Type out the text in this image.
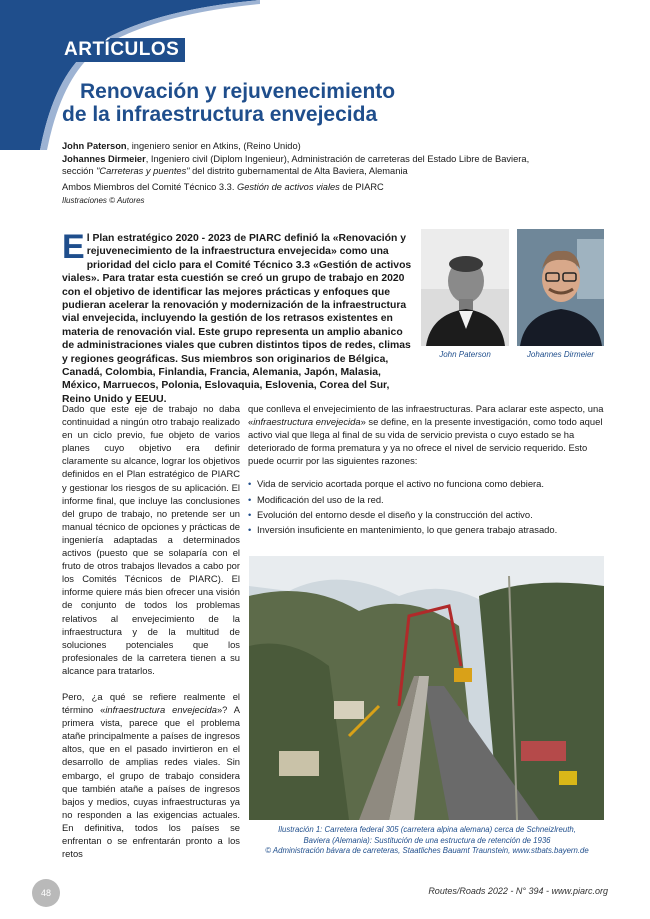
ARTÍCULOS
Renovación y rejuvenecimiento
de la infraestructura envejecida
John Paterson, ingeniero senior en Atkins, (Reino Unido)
Johannes Dirmeier, Ingeniero civil (Diplom Ingenieur), Administración de carreteras del Estado Libre de Baviera,
sección "Carreteras y puentes" del distrito gubernamental de Alta Baviera, Alemania
Ambos Miembros del Comité Técnico 3.3. Gestión de activos viales de PIARC
Ilustraciones © Autores
El Plan estratégico 2020 - 2023 de PIARC definió la «Renovación y rejuvenecimiento de la infraestructura envejecida» como una prioridad del ciclo para el Comité Técnico 3.3 «Gestión de activos viales». Para tratar esta cuestión se creó un grupo de trabajo en 2020 con el objetivo de identificar las mejores prácticas y enfoques que pudieran acelerar la renovación y modernización de la infraestructura vial envejecida, incluyendo la gestión de los retrasos existentes en materia de renovación vial. Este grupo representa un amplio abanico de administraciones viales que cubren distintos tipos de redes, climas y regiones geográficas. Sus miembros son originarios de Bélgica, Canadá, Colombia, Finlandia, Francia, Alemania, Japón, Malasia, México, Marruecos, Polonia, Eslovaquia, Eslovenia, Corea del Sur, Reino Unido y EEUU.
John Paterson	Johannes Dirmeier

Dado que este eje de trabajo no daba continuidad a ningún otro trabajo realizado en un ciclo previo, fue objeto de varios planes cuyo objetivo era definir claramente su alcance, lograr los objetivos definidos en el Plan estratégico de PIARC y gestionar los riesgos de su aplicación. El informe final, que incluye las conclusiones del grupo de trabajo, no pretende ser un manual técnico de opciones y prácticas de ingeniería adaptadas a determinados activos (puesto que se solaparía con el fruto de otros trabajos llevados a cabo por los Comités Técnicos de PIARC). El informe quiere más bien ofrecer una visión de conjunto de todos los problemas relativos al envejecimiento de la infraestructura y de la multitud de soluciones potenciales que los profesionales de la carretera tienen a su alcance para tratarlos.

Pero, ¿a qué se refiere realmente el término «infraestructura envejecida»? A primera vista, parece que el problema atañe principalmente a países de ingresos altos, que en el pasado invirtieron en el desarrollo de amplias redes viales. Sin embargo, el grupo de trabajo considera que también atañe a países de ingresos bajos y medios, cuyas infraestructuras ya no responden a las exigencias actuales. En definitiva, todos los países se enfrentan o se enfrentarán pronto a los retos

que conlleva el envejecimiento de las infraestructuras. Para aclarar este aspecto, una «infraestructura envejecida» se define, en la presente investigación, como todo aquel activo vial que llega al final de su vida de servicio prevista o cuyo estado se ha deteriorado de forma prematura y ya no ofrece el nivel de servicio requerido. Esto puede ocurrir por las siguientes razones:

• Vida de servicio acortada porque el activo no funciona como debiera.
• Modificación del uso de la red.
• Evolución del entorno desde el diseño y la construcción del activo.
• Inversión insuficiente en mantenimiento, lo que genera trabajo atrasado.
Ilustración 1: Carretera federal 305 (carretera alpina alemana) cerca de Schneizlreuth,
Baviera (Alemania): Sustitución de una estructura de retención de 1936
© Administración bávara de carreteras, Staatliches Bauamt Traunstein, www.stbats.bayern.de
48	Routes/Roads 2022 - N° 394 - www.piarc.org
